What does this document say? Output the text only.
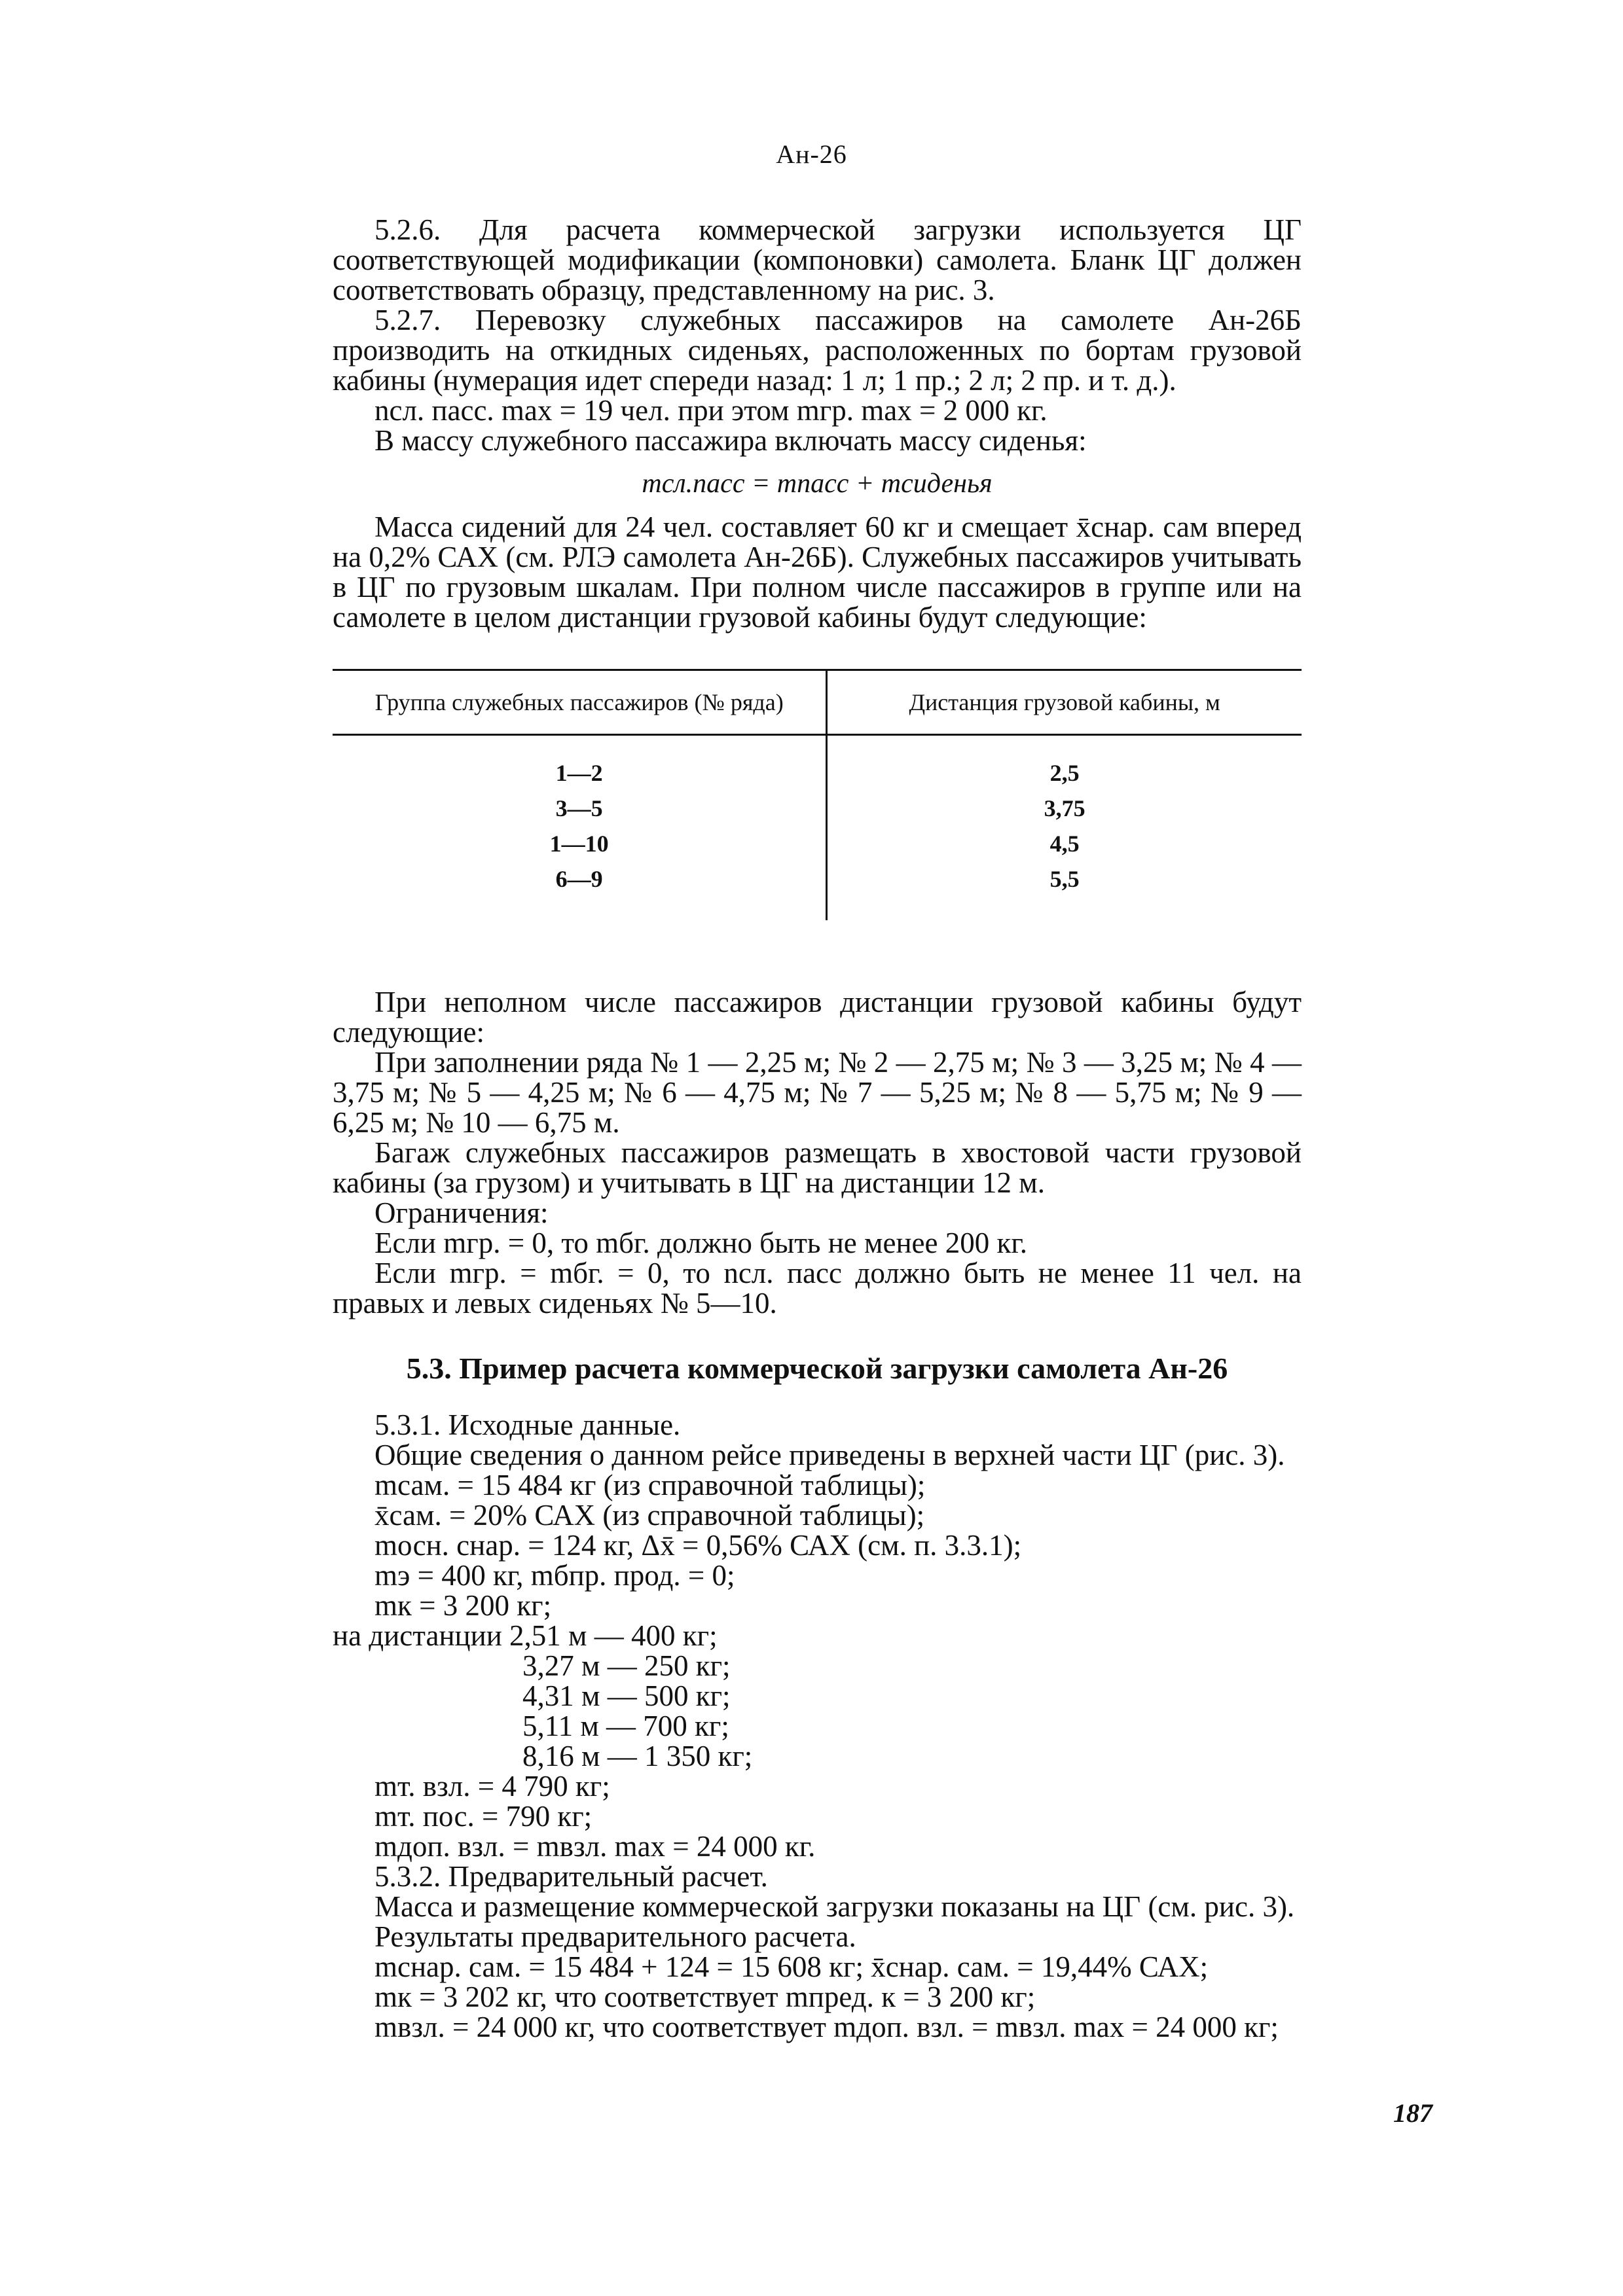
Ан-26

5.2.6. Для расчета коммерческой загрузки используется ЦГ соответствующей модификации (компоновки) самолета. Бланк ЦГ должен соответствовать образцу, представленному на рис. 3.

5.2.7. Перевозку служебных пассажиров на самолете Ан-26Б производить на откидных сиденьях, расположенных по бортам грузовой кабины (нумерация идет спереди назад: 1 л; 1 пр.; 2 л; 2 пр. и т. д.).

nсл. пасс. max = 19 чел. при этом mгр. max = 2 000 кг.

В массу служебного пассажира включать массу сиденья:

mсл.пасс = mпасс + mсиденья

Масса сидений для 24 чел. составляет 60 кг и смещает x̄снар. сам вперед на 0,2% САХ (см. РЛЭ самолета Ан-26Б). Служебных пассажиров учитывать в ЦГ по грузовым шкалам. При полном числе пассажиров в группе или на самолете в целом дистанции грузовой кабины будут следующие:

Группа служебных пассажиров (№ ряда)	Дистанция грузовой кабины, м
1—2	2,5
3—5	3,75
1—10	4,5
6—9	5,5

При неполном числе пассажиров дистанции грузовой кабины будут следующие:

При заполнении ряда № 1 — 2,25 м; № 2 — 2,75 м; № 3 — 3,25 м; № 4 — 3,75 м; № 5 — 4,25 м; № 6 — 4,75 м; № 7 — 5,25 м; № 8 — 5,75 м; № 9 — 6,25 м; № 10 — 6,75 м.

Багаж служебных пассажиров размещать в хвостовой части грузовой кабины (за грузом) и учитывать в ЦГ на дистанции 12 м.

Ограничения:

Если mгр. = 0, то mбг. должно быть не менее 200 кг.

Если mгр. = mбг. = 0, то nсл. пасс должно быть не менее 11 чел. на правых и левых сиденьях № 5—10.

5.3. Пример расчета коммерческой загрузки самолета Ан-26

5.3.1. Исходные данные.

Общие сведения о данном рейсе приведены в верхней части ЦГ (рис. 3).

mсам. = 15 484 кг (из справочной таблицы);

x̄сам. = 20% САХ (из справочной таблицы);

mосн. снар. = 124 кг, Δx̄ = 0,56% САХ (см. п. 3.3.1);

mэ = 400 кг, mбпр. прод. = 0;

mк = 3 200 кг;

на дистанции 2,51 м — 400 кг;

3,27 м — 250 кг;

4,31 м — 500 кг;

5,11 м — 700 кг;

8,16 м — 1 350 кг;

mт. взл. = 4 790 кг;

mт. пос. = 790 кг;

mдоп. взл. = mвзл. max = 24 000 кг.

5.3.2. Предварительный расчет.

Масса и размещение коммерческой загрузки показаны на ЦГ (см. рис. 3).

Результаты предварительного расчета.

mснар. сам. = 15 484 + 124 = 15 608 кг; x̄снар. сам. = 19,44% САХ;

mк = 3 202 кг, что соответствует mпред. к = 3 200 кг;

mвзл. = 24 000 кг, что соответствует mдоп. взл. = mвзл. max = 24 000 кг;

187
